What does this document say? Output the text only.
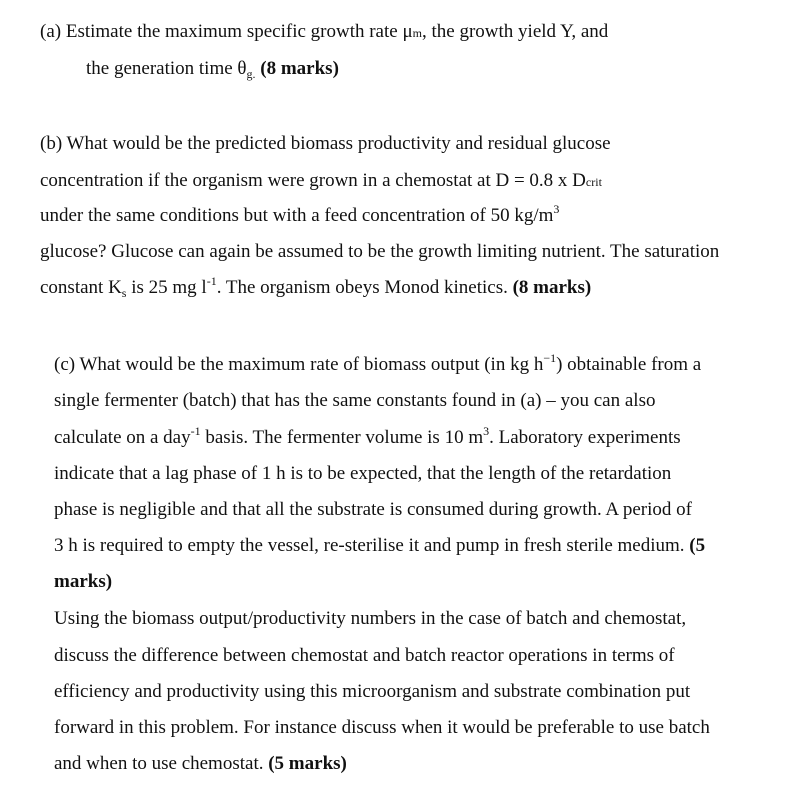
(a) Estimate the maximum specific growth rate μm, the growth yield Y, and
the generation time $\theta_{g.}$ (8 marks)
(b) What would be the predicted biomass productivity and residual glucose
concentration if the organism were grown in a chemostat at D = 0.8 x Dcrit
under the same conditions but with a feed concentration of 50 $kg/m^3$
glucose? Glucose can again be assumed to be the growth limiting nutrient. The saturation
constant $K_s$ is 25 mg $l^{-1}$. The organism obeys Monod kinetics. (8 marks)
(c) What would be the maximum rate of biomass output (in kg $h^{-1}$) obtainable from a
single fermenter (batch) that has the same constants found in (a) – you can also
calculate on a day$^{-1}$ basis. The fermenter volume is 10 $m^3$. Laboratory experiments
indicate that a lag phase of 1 h is to be expected, that the length of the retardation
phase is negligible and that all the substrate is consumed during growth. A period of
3 h is required to empty the vessel, re-sterilise it and pump in fresh sterile medium. (5
marks)
Using the biomass output/productivity numbers in the case of batch and chemostat,
discuss the difference between chemostat and batch reactor operations in terms of
efficiency and productivity using this microorganism and substrate combination put
forward in this problem. For instance discuss when it would be preferable to use batch
and when to use chemostat. (5 marks)
